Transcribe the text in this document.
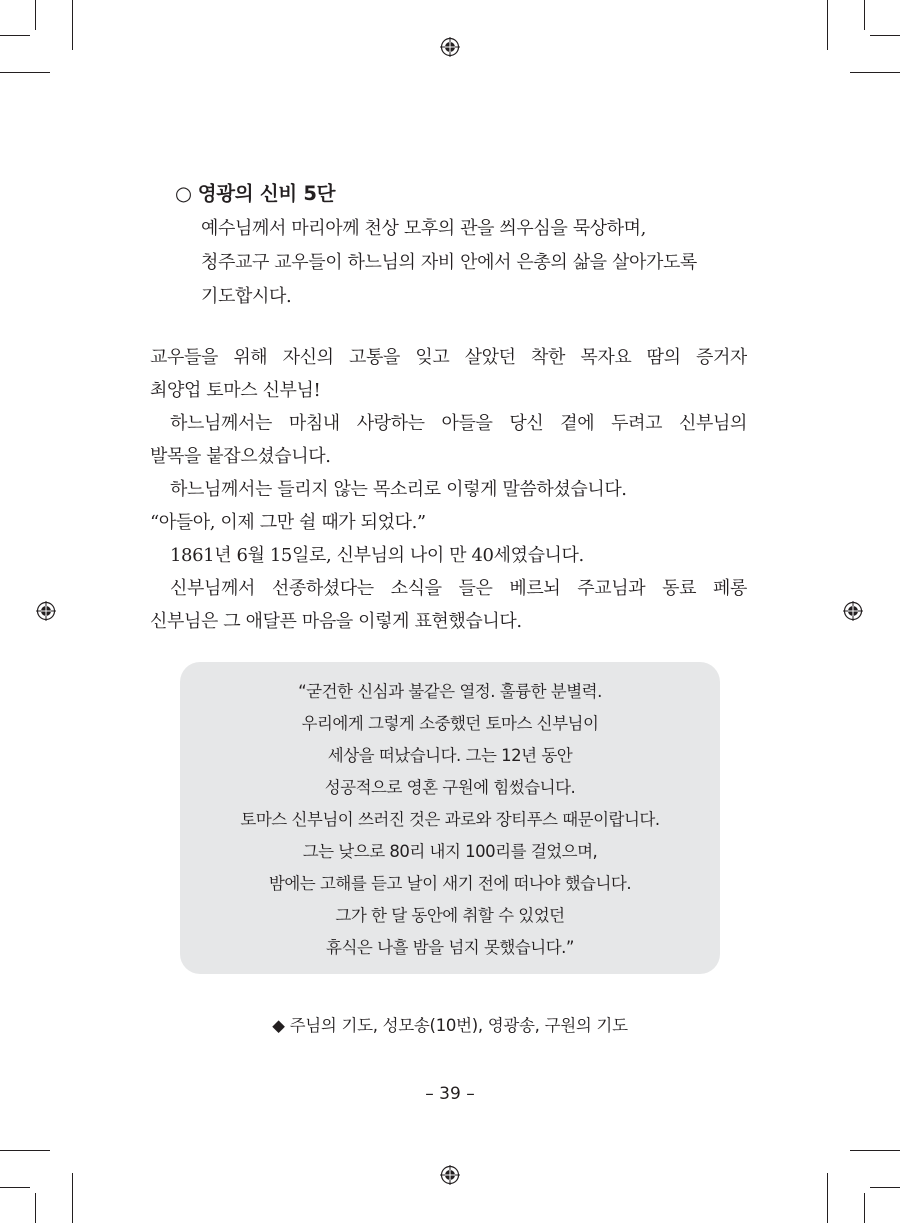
○ 영광의 신비 5단
예수님께서 마리아께 천상 모후의 관을 씌우심을 묵상하며,
청주교구 교우들이 하느님의 자비 안에서 은총의 삶을 살아가도록
기도합시다.
교우들을 위해 자신의 고통을 잊고 살았던 착한 목자요 땀의 증거자
최양업 토마스 신부님!
하느님께서는 마침내 사랑하는 아들을 당신 곁에 두려고 신부님의
발목을 붙잡으셨습니다.
하느님께서는 들리지 않는 목소리로 이렇게 말씀하셨습니다.
“아들아, 이제 그만 쉴 때가 되었다.”
1861년 6월 15일로, 신부님의 나이 만 40세였습니다.
신부님께서 선종하셨다는 소식을 들은 베르뇌 주교님과 동료 페롱
신부님은 그 애달픈 마음을 이렇게 표현했습니다.
“굳건한 신심과 불같은 열정. 훌륭한 분별력.
우리에게 그렇게 소중했던 토마스 신부님이
세상을 떠났습니다. 그는 12년 동안
성공적으로 영혼 구원에 힘썼습니다.
토마스 신부님이 쓰러진 것은 과로와 장티푸스 때문이랍니다.
그는 낮으로 80리 내지 100리를 걸었으며,
밤에는 고해를 듣고 날이 새기 전에 떠나야 했습니다.
그가 한 달 동안에 취할 수 있었던
휴식은 나흘 밤을 넘지 못했습니다.”
◆ 주님의 기도, 성모송(10번), 영광송, 구원의 기도
– 39 –
